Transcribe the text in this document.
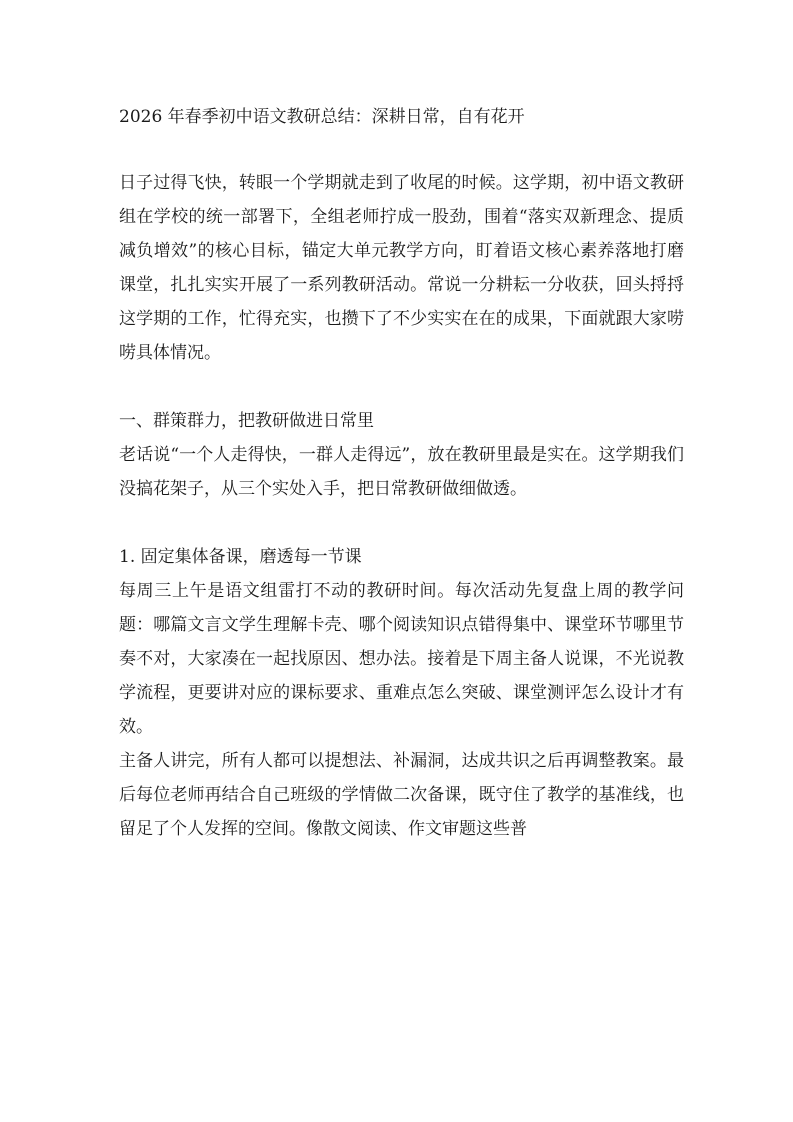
2026 年春季初中语文教研总结：深耕日常，自有花开

日子过得飞快，转眼一个学期就走到了收尾的时候。这学期，初中语文教研组在学校的统一部署下，全组老师拧成一股劲，围着“落实双新理念、提质减负增效”的核心目标，锚定大单元教学方向，盯着语文核心素养落地打磨课堂，扎扎实实开展了一系列教研活动。常说一分耕耘一分收获，回头捋捋这学期的工作，忙得充实，也攒下了不少实实在在的成果，下面就跟大家唠唠具体情况。

一、群策群力，把教研做进日常里

老话说“一个人走得快，一群人走得远”，放在教研里最是实在。这学期我们没搞花架子，从三个实处入手，把日常教研做细做透。

1. 固定集体备课，磨透每一节课

每周三上午是语文组雷打不动的教研时间。每次活动先复盘上周的教学问题：哪篇文言文学生理解卡壳、哪个阅读知识点错得集中、课堂环节哪里节奏不对，大家凑在一起找原因、想办法。接着是下周主备人说课，不光说教学流程，更要讲对应的课标要求、重难点怎么突破、课堂测评怎么设计才有效。

主备人讲完，所有人都可以提想法、补漏洞，达成共识之后再调整教案。最后每位老师再结合自己班级的学情做二次备课，既守住了教学的基准线，也留足了个人发挥的空间。像散文阅读、作文审题这些普
